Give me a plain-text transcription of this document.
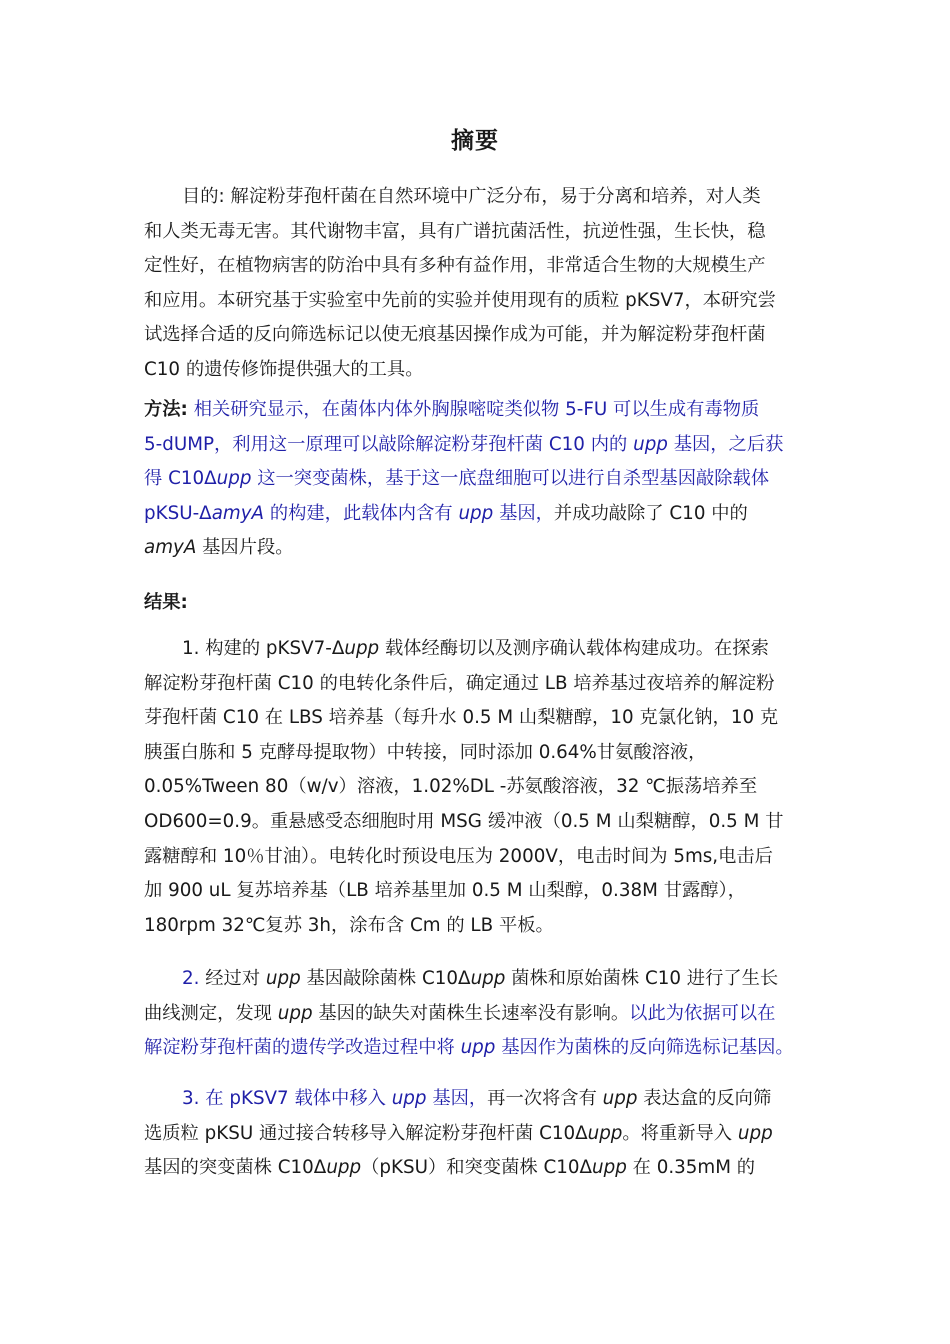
摘要
目的: 解淀粉芽孢杆菌在自然环境中广泛分布，易于分离和培养，对人类
和人类无毒无害。其代谢物丰富，具有广谱抗菌活性，抗逆性强，生长快，稳
定性好，在植物病害的防治中具有多种有益作用，非常适合生物的大规模生产
和应用。本研究基于实验室中先前的实验并使用现有的质粒 pKSV7，本研究尝
试选择合适的反向筛选标记以使无痕基因操作成为可能，并为解淀粉芽孢杆菌
C10 的遗传修饰提供强大的工具。
方法: 相关研究显示，在菌体内体外胸腺嘧啶类似物 5-FU 可以生成有毒物质
5-dUMP，利用这一原理可以敲除解淀粉芽孢杆菌 C10 内的 upp 基因，之后获
得 C10Δupp 这一突变菌株，基于这一底盘细胞可以进行自杀型基因敲除载体
pKSU-ΔamyA 的构建，此载体内含有 upp 基因，并成功敲除了 C10 中的
amyA 基因片段。
结果:
1. 构建的 pKSV7-Δupp 载体经酶切以及测序确认载体构建成功。在探索
解淀粉芽孢杆菌 C10 的电转化条件后，确定通过 LB 培养基过夜培养的解淀粉
芽孢杆菌 C10 在 LBS 培养基（每升水 0.5 M 山梨糖醇，10 克氯化钠，10 克
胰蛋白胨和 5 克酵母提取物）中转接，同时添加 0.64%甘氨酸溶液，
0.05%Tween 80（w/v）溶液，1.02%DL -苏氨酸溶液，32 ℃振荡培养至
OD600=0.9。重悬感受态细胞时用 MSG 缓冲液（0.5 M 山梨糖醇，0.5 M 甘
露糖醇和 10％甘油）。电转化时预设电压为 2000V，电击时间为 5ms,电击后
加 900 uL 复苏培养基（LB 培养基里加 0.5 M 山梨醇，0.38M 甘露醇），
180rpm 32℃复苏 3h，涂布含 Cm 的 LB 平板。
2. 经过对 upp 基因敲除菌株 C10Δupp 菌株和原始菌株 C10 进行了生长
曲线测定，发现 upp 基因的缺失对菌株生长速率没有影响。以此为依据可以在
解淀粉芽孢杆菌的遗传学改造过程中将 upp 基因作为菌株的反向筛选标记基因。
3. 在 pKSV7 载体中移入 upp 基因，再一次将含有 upp 表达盒的反向筛
选质粒 pKSU 通过接合转移导入解淀粉芽孢杆菌 C10Δupp。将重新导入 upp
基因的突变菌株 C10Δupp（pKSU）和突变菌株 C10Δupp 在 0.35mM 的
